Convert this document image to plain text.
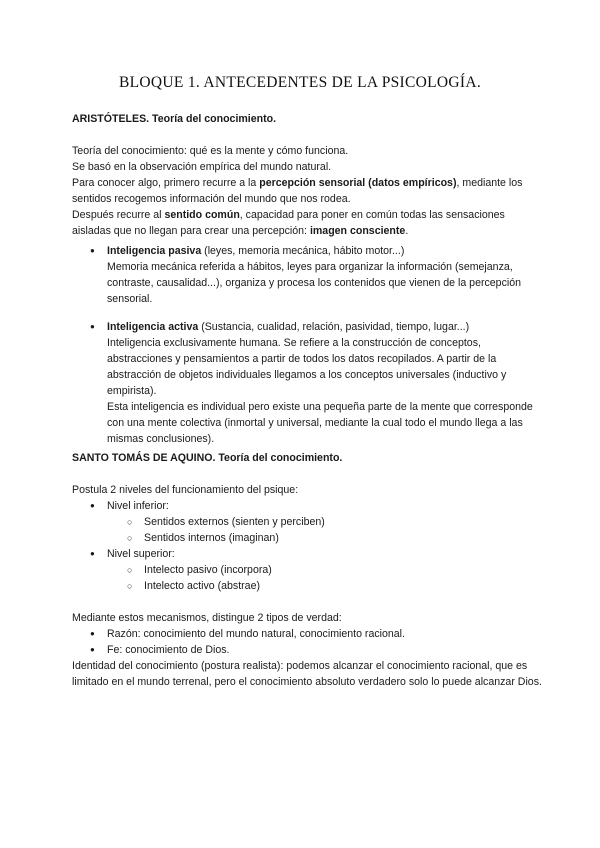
BLOQUE 1. ANTECEDENTES DE LA PSICOLOGÍA.

ARISTÓTELES. Teoría del conocimiento.

Teoría del conocimiento: qué es la mente y cómo funciona.

Se basó en la observación empírica del mundo natural.

Para conocer algo, primero recurre a la percepción sensorial (datos empíricos), mediante los sentidos recogemos información del mundo que nos rodea.

Después recurre al sentido común, capacidad para poner en común todas las sensaciones aisladas que no llegan para crear una percepción: imagen consciente.

● Inteligencia pasiva (leyes, memoria mecánica, hábito motor...)

Memoria mecánica referida a hábitos, leyes para organizar la información (semejanza, contraste, causalidad...), organiza y procesa los contenidos que vienen de la percepción sensorial.

● Inteligencia activa (Sustancia, cualidad, relación, pasividad, tiempo, lugar...)

Inteligencia exclusivamente humana. Se refiere a la construcción de conceptos, abstracciones y pensamientos a partir de todos los datos recopilados. A partir de la abstracción de objetos individuales llegamos a los conceptos universales (inductivo y empirista).

Esta inteligencia es individual pero existe una pequeña parte de la mente que corresponde con una mente colectiva (inmortal y universal, mediante la cual todo el mundo llega a las mismas conclusiones).

SANTO TOMÁS DE AQUINO. Teoría del conocimiento.

Postula 2 niveles del funcionamiento del psique:

● Nivel inferior:
○ Sentidos externos (sienten y perciben)
○ Sentidos internos (imaginan)
● Nivel superior:
○ Intelecto pasivo (incorpora)
○ Intelecto activo (abstrae)

Mediante estos mecanismos, distingue 2 tipos de verdad:

● Razón: conocimiento del mundo natural, conocimiento racional.
● Fe: conocimiento de Dios.

Identidad del conocimiento (postura realista): podemos alcanzar el conocimiento racional, que es limitado en el mundo terrenal, pero el conocimiento absoluto verdadero solo lo puede alcanzar Dios.
